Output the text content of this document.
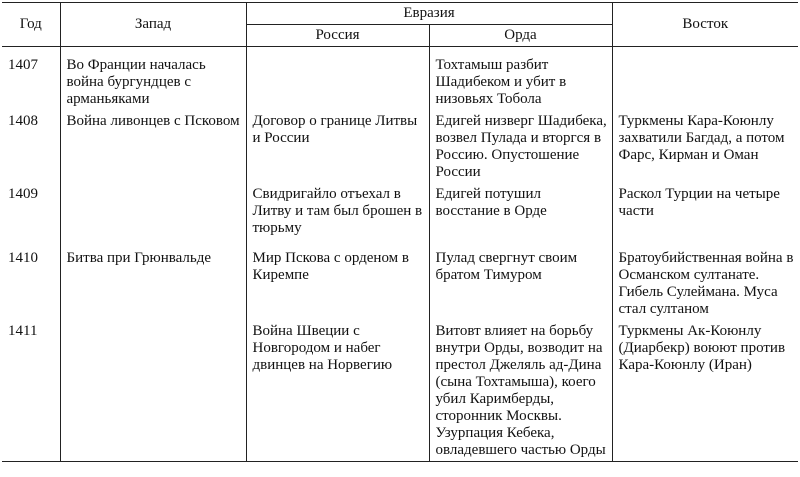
Год	Запад	Евразия		Восток
		Россия	Орда	
1407	Во Франции началась война бургундцев с арманьяками		Тохтамыш разбит Шадибеком и убит в низовьях Тобола	
1408	Война ливонцев с Псковом	Договор о границе Литвы и России	Едигей низверг Шадибека, возвел Пулада и вторгся в Россию. Опустошение России	Туркмены Кара-Коюнлу захватили Багдад, а потом Фарс, Кирман и Оман
1409		Свидригайло отъехал в Литву и там был брошен в тюрьму	Едигей потушил восстание в Орде	Раскол Турции на четыре части
1410	Битва при Грюнвальде	Мир Пскова с орденом в Киремпе	Пулад свергнут своим братом Тимуром	Братоубийственная война в Османском султанате. Гибель Сулеймана. Муса стал султаном
1411		Война Швеции с Новгородом и набег двинцев на Норвегию	Витовт влияет на борьбу внутри Орды, возводит на престол Джеляль ад-Дина (сына Тохтамыша), коего убил Каримберды, сторонник Москвы. Узурпация Кебека, овладевшего частью Орды	Туркмены Ак-Коюнлу (Диарбекр) воюют против Кара-Коюнлу (Иран)
